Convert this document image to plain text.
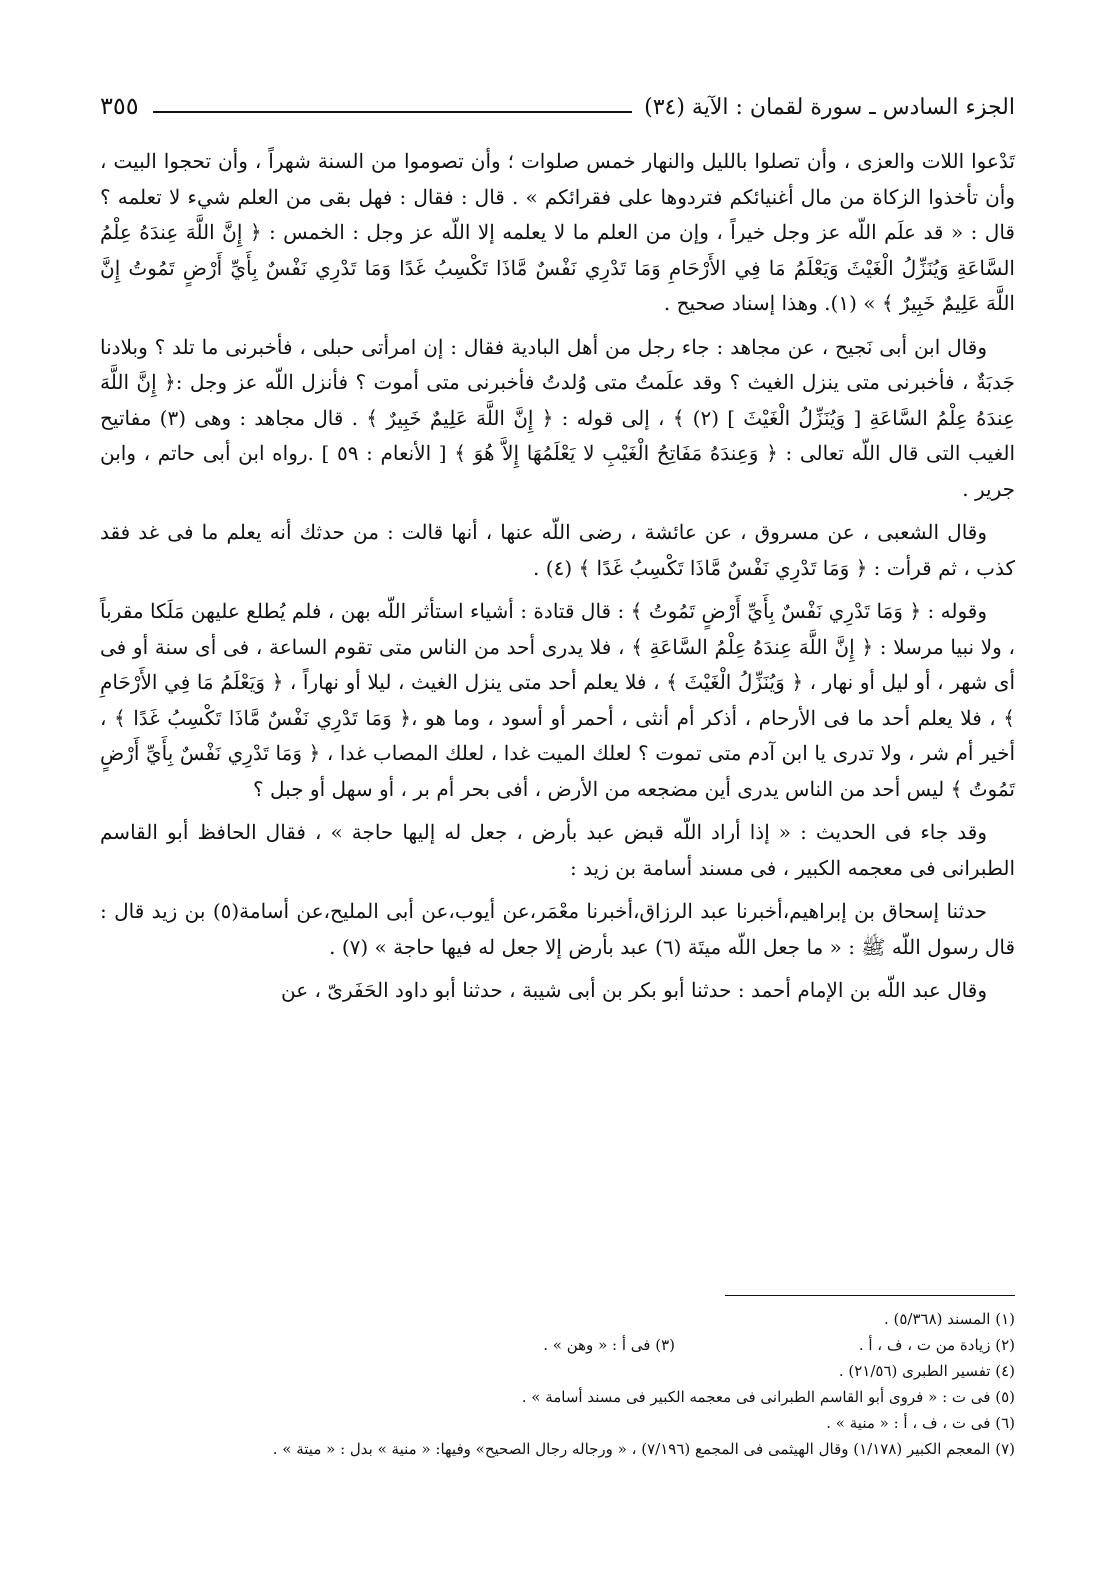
الجزء السادس ـ سورة لقمان : الآية (٣٤)
٣٥٥

تَدْعوا اللات والعزى ، وأن تصلوا بالليل والنهار خمس صلوات ؛ وأن تصوموا من السنة شهراً ، وأن تحجوا البيت ، وأن تأخذوا الزكاة من مال أغنيائكم فتردوها على فقرائكم » . قال : فقال : فهل بقى من العلم شيء لا تعلمه ؟ قال : « قد علَم اللّه عز وجل خيراً ، وإن من العلم ما لا يعلمه إلا اللّه عز وجل : الخمس : ﴿ إِنَّ اللَّهَ عِندَهُ عِلْمُ السَّاعَةِ وَيُنَزِّلُ الْغَيْثَ وَيَعْلَمُ مَا فِي الأَرْحَامِ وَمَا تَدْرِي نَفْسٌ مَّاذَا تَكْسِبُ غَدًا وَمَا تَدْرِي نَفْسٌ بِأَيِّ أَرْضٍ تَمُوتُ إِنَّ اللَّهَ عَلِيمٌ خَبِيرٌ ﴾ » (١). وهذا إسناد صحيح .

وقال ابن أبى نَجيح ، عن مجاهد : جاء رجل من أهل البادية فقال : إن امرأتى حبلى ، فأخبرنى ما تلد ؟ وبلادنا جَدبَةٌ ، فأخبرنى متى ينزل الغيث ؟ وقد علَمتُ متى وُلدتُ فأخبرنى متى أموت ؟ فأنزل اللّه عز وجل :﴿ إِنَّ اللَّهَ عِندَهُ عِلْمُ السَّاعَةِ [ وَيُنَزِّلُ الْغَيْثَ ] (٢) ﴾ ، إلى قوله : ﴿ إِنَّ اللَّهَ عَلِيمٌ خَبِيرٌ ﴾ . قال مجاهد : وهى (٣) مفاتيح الغيب التى قال اللّه تعالى : ﴿ وَعِندَهُ مَفَاتِحُ الْغَيْبِ لا يَعْلَمُهَا إِلاَّ هُوَ ﴾ [ الأنعام : ٥٩ ] .رواه ابن أبى حاتم ، وابن جرير .

وقال الشعبى ، عن مسروق ، عن عائشة ، رضى اللّه عنها ، أنها قالت : من حدثك أنه يعلم ما فى غد فقد كذب ، ثم قرأت : ﴿ وَمَا تَدْرِي نَفْسٌ مَّاذَا تَكْسِبُ غَدًا ﴾ (٤) .

وقوله : ﴿ وَمَا تَدْرِي نَفْسٌ بِأَيِّ أَرْضٍ تَمُوتُ ﴾ : قال قتادة : أشياء استأثر اللّه بهن ، فلم يُطلع عليهن مَلَكا مقرباً ، ولا نبيا مرسلا : ﴿ إِنَّ اللَّهَ عِندَهُ عِلْمُ السَّاعَةِ ﴾ ، فلا يدرى أحد من الناس متى تقوم الساعة ، فى أى سنة أو فى أى شهر ، أو ليل أو نهار ، ﴿ وَيُنَزِّلُ الْغَيْثَ ﴾ ، فلا يعلم أحد متى ينزل الغيث ، ليلا أو نهاراً ، ﴿ وَيَعْلَمُ مَا فِي الأَرْحَامِ ﴾ ، فلا يعلم أحد ما فى الأرحام ، أذكر أم أنثى ، أحمر أو أسود ، وما هو ،﴿ وَمَا تَدْرِي نَفْسٌ مَّاذَا تَكْسِبُ غَدًا ﴾ ، أخير أم شر ، ولا تدرى يا ابن آدم متى تموت ؟ لعلك الميت غدا ، لعلك المصاب غدا ، ﴿ وَمَا تَدْرِي نَفْسٌ بِأَيِّ أَرْضٍ تَمُوتُ ﴾ ليس أحد من الناس يدرى أين مضجعه من الأرض ، أفى بحر أم بر ، أو سهل أو جبل ؟

وقد جاء فى الحديث : « إذا أراد اللّه قبض عبد بأرض ، جعل له إليها حاجة » ، فقال الحافظ أبو القاسم الطبرانى فى معجمه الكبير ، فى مسند أسامة بن زيد :

حدثنا إسحاق بن إبراهيم،أخبرنا عبد الرزاق،أخبرنا معْمَر،عن أيوب،عن أبى المليح،عن أسامة(٥) بن زيد قال : قال رسول اللّه ﷺ : « ما جعل اللّه ميتَة (٦) عبد بأرض إلا جعل له فيها حاجة » (٧) .

وقال عبد اللّه بن الإمام أحمد : حدثنا أبو بكر بن أبى شيبة ، حدثنا أبو داود الحَفَرىّ ، عن

(١) المسند (٥/٣٦٨) .
(٢) زيادة من ت ، ف ، أ .
(٣) فى أ : « وهن » .
(٤) تفسير الطبرى (٢١/٥٦) .
(٥) فى ت : « فروى أبو القاسم الطبرانى فى معجمه الكبير فى مسند أسامة » .
(٦) فى ت ، ف ، أ : « منية » .
(٧) المعجم الكبير (١/١٧٨) وقال الهيثمى فى المجمع (٧/١٩٦) ، « ورجاله رجال الصحيح» وفيها: « منية » بدل : « ميتة » .
